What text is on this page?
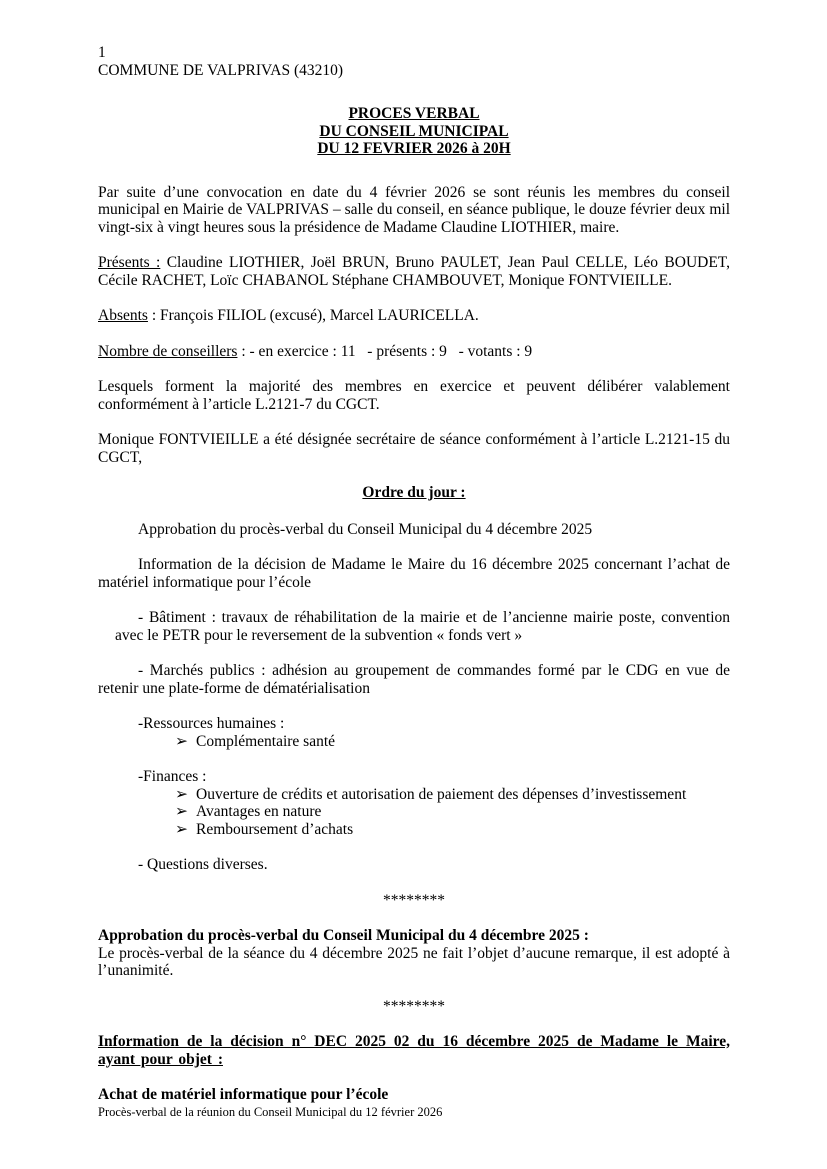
1
COMMUNE DE VALPRIVAS (43210)
PROCES VERBAL
DU CONSEIL MUNICIPAL
DU 12 FEVRIER 2026 à 20H

Par suite d’une convocation en date du 4 février 2026 se sont réunis les membres du conseil municipal en Mairie de VALPRIVAS – salle du conseil, en séance publique, le douze février deux mil vingt-six à vingt heures sous la présidence de Madame Claudine LIOTHIER, maire.

Présents : Claudine LIOTHIER, Joël BRUN, Bruno PAULET, Jean Paul CELLE, Léo BOUDET, Cécile RACHET, Loïc CHABANOL Stéphane CHAMBOUVET, Monique FONTVIEILLE.

Absents : François FILIOL (excusé), Marcel LAURICELLA.

Nombre de conseillers : - en exercice : 11 - présents : 9 - votants : 9

Lesquels forment la majorité des membres en exercice et peuvent délibérer valablement conformément à l’article L.2121-7 du CGCT.

Monique FONTVIEILLE a été désignée secrétaire de séance conformément à l’article L.2121-15 du CGCT,

Ordre du jour :

Approbation du procès-verbal du Conseil Municipal du 4 décembre 2025

Information de la décision de Madame le Maire du 16 décembre 2025 concernant l’achat de matériel informatique pour l’école

- Bâtiment : travaux de réhabilitation de la mairie et de l’ancienne mairie poste, convention avec le PETR pour le reversement de la subvention « fonds vert »

- Marchés publics : adhésion au groupement de commandes formé par le CDG en vue de retenir une plate-forme de dématérialisation

-Ressources humaines :

➢ Complémentaire santé

-Finances :

➢ Ouverture de crédits et autorisation de paiement des dépenses d’investissement

➢ Avantages en nature

➢ Remboursement d’achats

- Questions diverses.

********

Approbation du procès-verbal du Conseil Municipal du 4 décembre 2025 :

Le procès-verbal de la séance du 4 décembre 2025 ne fait l’objet d’aucune remarque, il est adopté à l’unanimité.

********

Information de la décision n° DEC 2025 02 du 16 décembre 2025 de Madame le Maire, ayant pour objet :

Achat de matériel informatique pour l’école

Procès-verbal de la réunion du Conseil Municipal du 12 février 2026
